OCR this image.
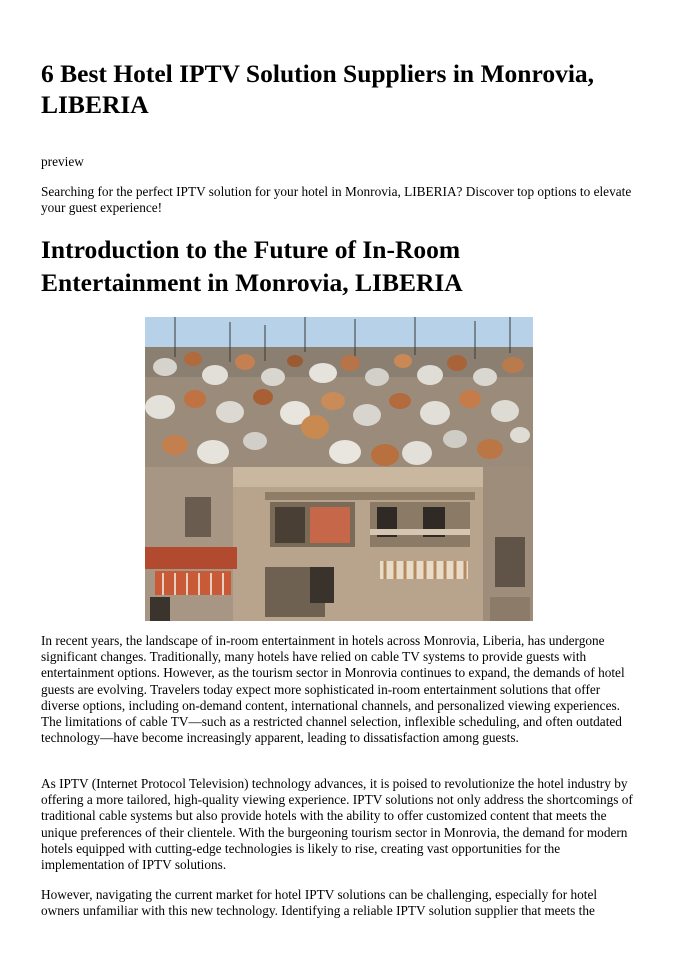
6 Best Hotel IPTV Solution Suppliers in Monrovia, LIBERIA

preview

Searching for the perfect IPTV solution for your hotel in Monrovia, LIBERIA? Discover top options to elevate your guest experience!

Introduction to the Future of In-Room Entertainment in Monrovia, LIBERIA

In recent years, the landscape of in-room entertainment in hotels across Monrovia, Liberia, has undergone significant changes. Traditionally, many hotels have relied on cable TV systems to provide guests with entertainment options. However, as the tourism sector in Monrovia continues to expand, the demands of hotel guests are evolving. Travelers today expect more sophisticated in-room entertainment solutions that offer diverse options, including on-demand content, international channels, and personalized viewing experiences. The limitations of cable TV—such as a restricted channel selection, inflexible scheduling, and often outdated technology—have become increasingly apparent, leading to dissatisfaction among guests.

As IPTV (Internet Protocol Television) technology advances, it is poised to revolutionize the hotel industry by offering a more tailored, high-quality viewing experience. IPTV solutions not only address the shortcomings of traditional cable systems but also provide hotels with the ability to offer customized content that meets the unique preferences of their clientele. With the burgeoning tourism sector in Monrovia, the demand for modern hotels equipped with cutting-edge technologies is likely to rise, creating vast opportunities for the implementation of IPTV solutions.

However, navigating the current market for hotel IPTV solutions can be challenging, especially for hotel owners unfamiliar with this new technology. Identifying a reliable IPTV solution supplier that meets the
